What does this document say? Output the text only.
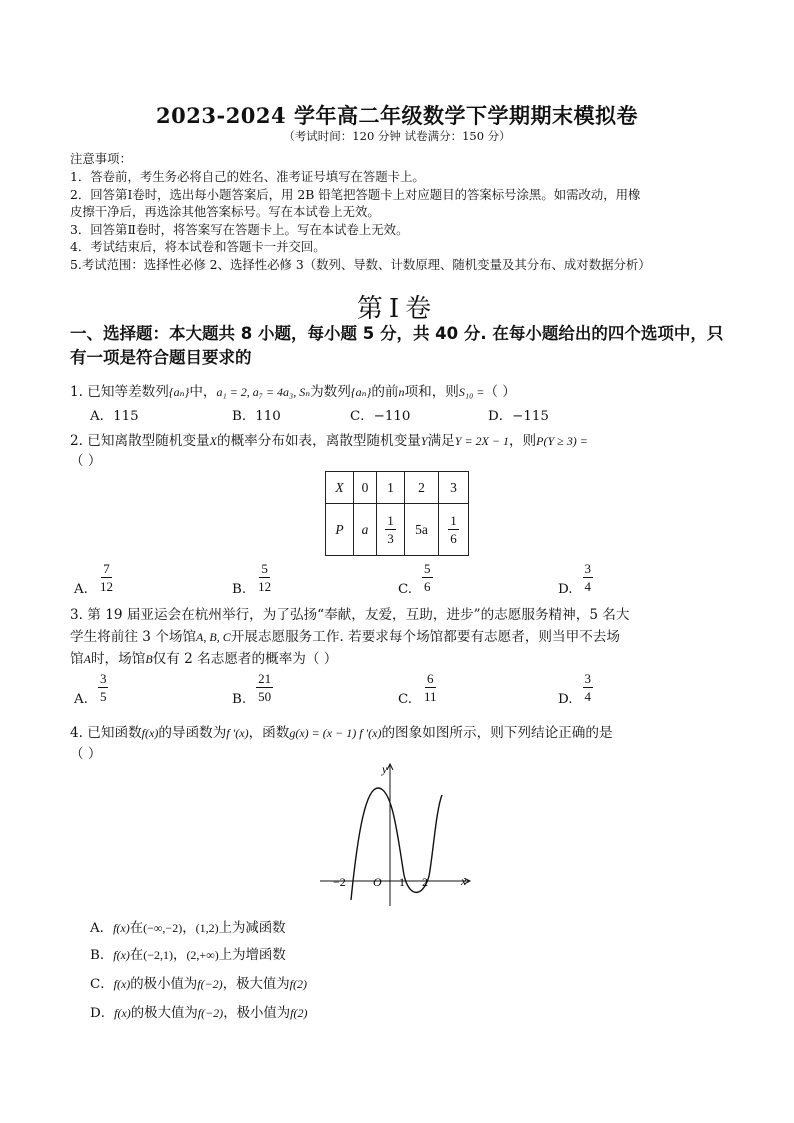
2023-2024 学年高二年级数学下学期期末模拟卷
（考试时间：120 分钟 试卷满分：150 分）
注意事项：
1．答卷前，考生务必将自己的姓名、准考证号填写在答题卡上。
2．回答第Ⅰ卷时，选出每小题答案后，用 2B 铅笔把答题卡上对应题目的答案标号涂黑。如需改动，用橡
皮擦干净后，再选涂其他答案标号。写在本试卷上无效。
3．回答第Ⅱ卷时，将答案写在答题卡上。写在本试卷上无效。
4．考试结束后，将本试卷和答题卡一并交回。
5.考试范围：选择性必修 2、选择性必修 3（数列、导数、计数原理、随机变量及其分布、成对数据分析）
第Ⅰ卷
一、选择题：本大题共 8 小题，每小题 5 分，共 40 分. 在每小题给出的四个选项中，只有一项是符合题目要求的
1. 已知等差数列{aₙ}中，a₁ = 2, a₇ = 4a₃, Sₙ为数列{aₙ}的前n项和，则S₁₀ =（ ）
A．115	B．110	C．−110	D．−115
2. 已知离散型随机变量X的概率分布如表，离散型随机变量Y满足Y = 2X − 1，则P(Y ≥ 3) =
（ ）
X	0	1	2	3
P	a	$\frac{1}{3}$	5a	$\frac{1}{6}$
A. $\frac{7}{12}$	B. $\frac{5}{12}$	C. $\frac{5}{6}$	D. $\frac{3}{4}$
3. 第 19 届亚运会在杭州举行，为了弘扬“奉献，友爱，互助，进步”的志愿服务精神，5 名大
学生将前往 3 个场馆A, B, C开展志愿服务工作. 若要求每个场馆都要有志愿者，则当甲不去场
馆A时，场馆B仅有 2 名志愿者的概率为（ ）
A. $\frac{3}{5}$	B. $\frac{21}{50}$	C. $\frac{6}{11}$	D. $\frac{3}{4}$
4. 已知函数f(x)的导函数为f ′(x)，函数g(x) = (x − 1) f ′(x)的图象如图所示，则下列结论正确的是
（ ）
y
x
O
−2	1 2
A．f(x)在(−∞,−2)，(1,2)上为减函数
B．f(x)在(−2,1)，(2,+∞)上为增函数
C．f(x)的极小值为f(−2)，极大值为f(2)
D．f(x)的极大值为f(−2)，极小值为f(2)
